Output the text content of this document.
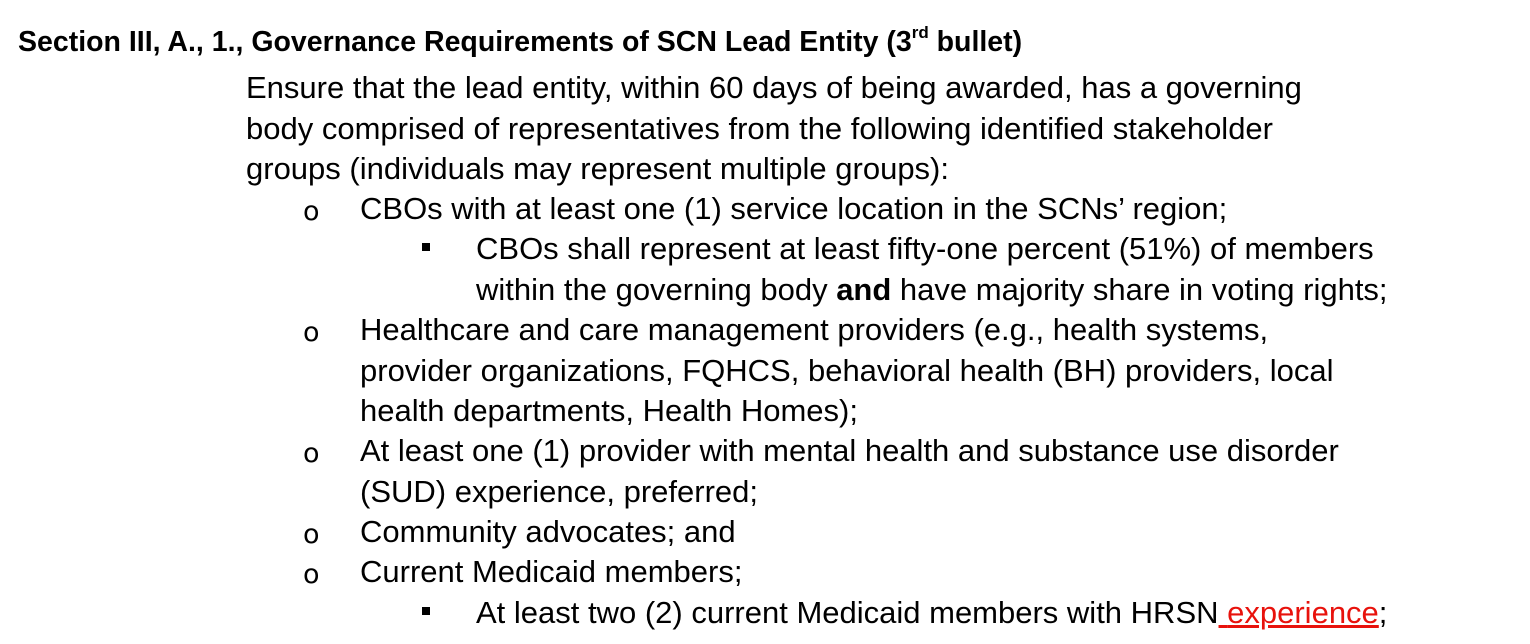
Section III, A., 1., Governance Requirements of SCN Lead Entity (3rd bullet)
Ensure that the lead entity, within 60 days of being awarded, has a governing
body comprised of representatives from the following identified stakeholder
groups (individuals may represent multiple groups):
o CBOs with at least one (1) service location in the SCNs’ region;
CBOs shall represent at least fifty-one percent (51%) of members
within the governing body and have majority share in voting rights;
o Healthcare and care management providers (e.g., health systems,
provider organizations, FQHCS, behavioral health (BH) providers, local
health departments, Health Homes);
o At least one (1) provider with mental health and substance use disorder
(SUD) experience, preferred;
o Community advocates; and
o Current Medicaid members;
At least two (2) current Medicaid members with HRSN experience;
